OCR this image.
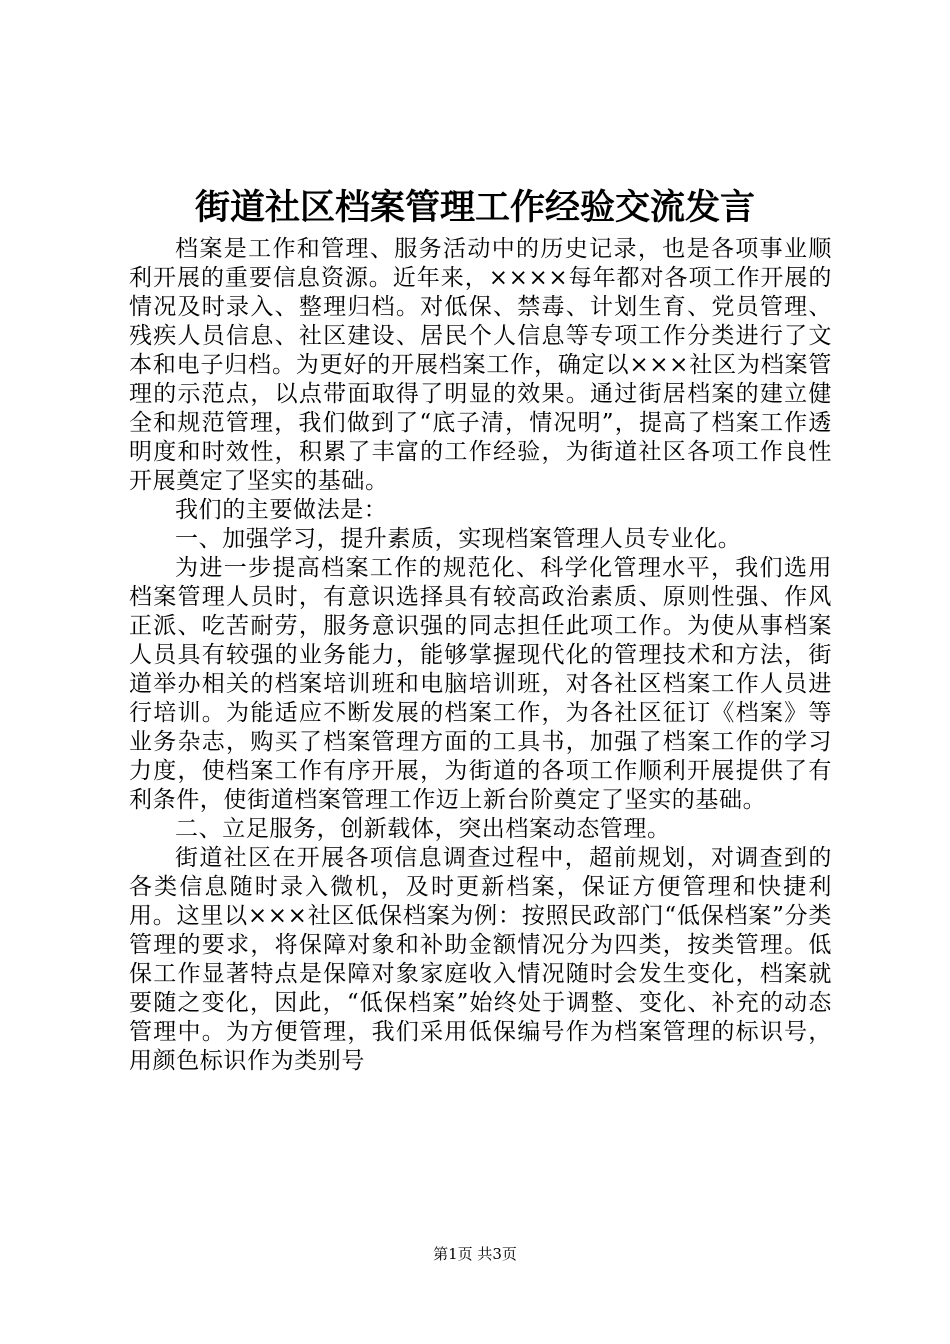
街道社区档案管理工作经验交流发言

档案是工作和管理、服务活动中的历史记录，也是各项事业顺利开展的重要信息资源。近年来，××××每年都对各项工作开展的情况及时录入、整理归档。对低保、禁毒、计划生育、党员管理、残疾人员信息、社区建设、居民个人信息等专项工作分类进行了文本和电子归档。为更好的开展档案工作，确定以×××社区为档案管理的示范点，以点带面取得了明显的效果。通过街居档案的建立健全和规范管理，我们做到了“底子清，情况明”，提高了档案工作透明度和时效性，积累了丰富的工作经验，为街道社区各项工作良性开展奠定了坚实的基础。

我们的主要做法是：

一、加强学习，提升素质，实现档案管理人员专业化。

为进一步提高档案工作的规范化、科学化管理水平，我们选用档案管理人员时，有意识选择具有较高政治素质、原则性强、作风正派、吃苦耐劳，服务意识强的同志担任此项工作。为使从事档案人员具有较强的业务能力，能够掌握现代化的管理技术和方法，街道举办相关的档案培训班和电脑培训班，对各社区档案工作人员进行培训。为能适应不断发展的档案工作，为各社区征订《档案》等业务杂志，购买了档案管理方面的工具书，加强了档案工作的学习力度，使档案工作有序开展，为街道的各项工作顺利开展提供了有利条件，使街道档案管理工作迈上新台阶奠定了坚实的基础。

二、立足服务，创新载体，突出档案动态管理。

街道社区在开展各项信息调查过程中，超前规划，对调查到的各类信息随时录入微机，及时更新档案，保证方便管理和快捷利用。这里以×××社区低保档案为例：按照民政部门“低保档案”分类管理的要求，将保障对象和补助金额情况分为四类，按类管理。低保工作显著特点是保障对象家庭收入情况随时会发生变化，档案就要随之变化，因此，“低保档案”始终处于调整、变化、补充的动态管理中。为方便管理，我们采用低保编号作为档案管理的标识号，用颜色标识作为类别号

第1页 共3页
